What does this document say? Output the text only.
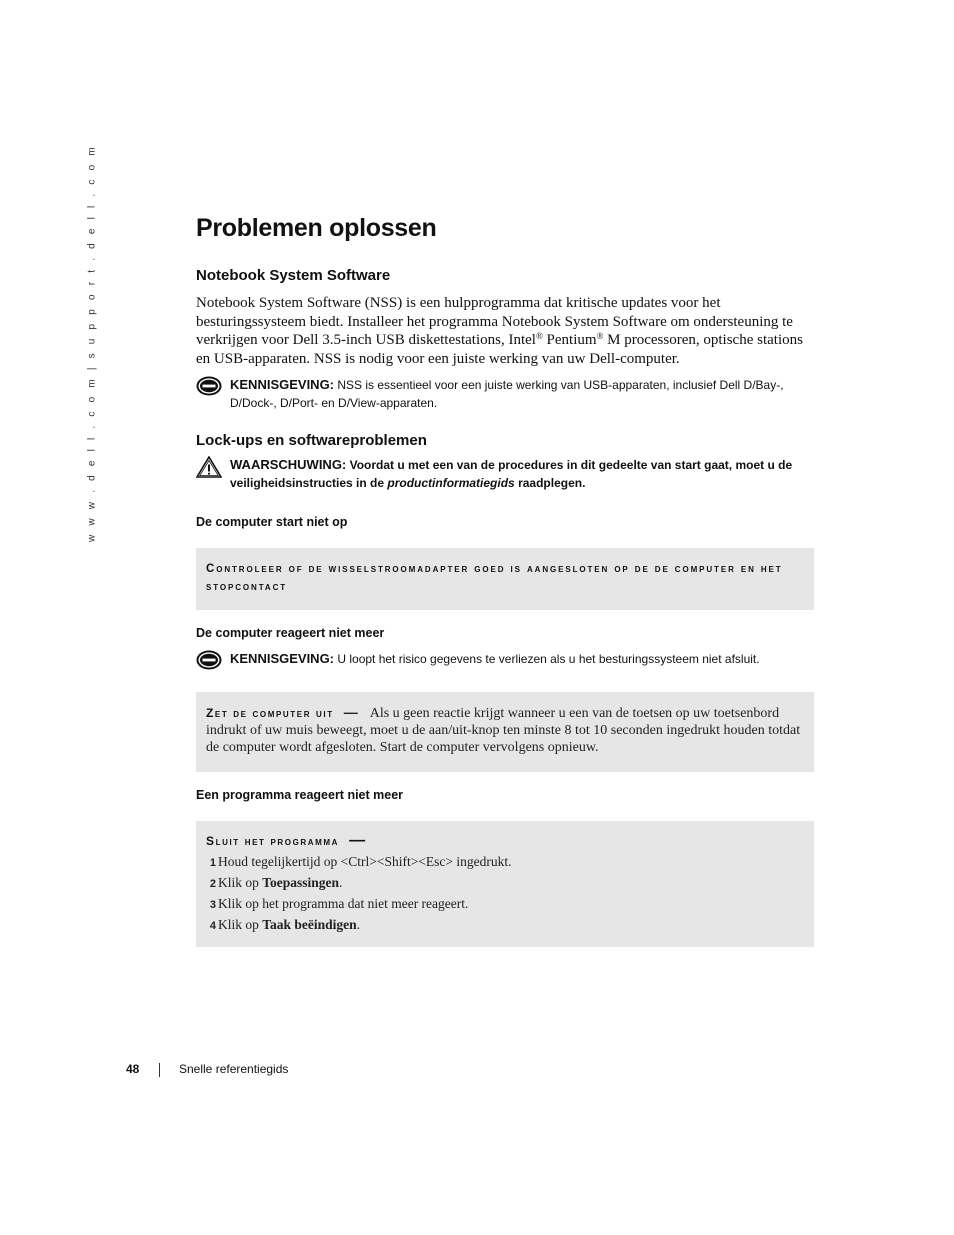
w w w . d e l l . c o m | s u p p o r t . d e l l . c o m	Problemen oplossen
Notebook System Software

Notebook System Software (NSS) is een hulpprogramma dat kritische updates voor het besturingssysteem biedt. Installeer het programma Notebook System Software om ondersteuning te verkrijgen voor Dell 3.5-inch USB diskettestations, Intel® Pentium® M processoren, optische stations en USB-apparaten. NSS is nodig voor een juiste werking van uw Dell-computer.

KENNISGEVING: NSS is essentieel voor een juiste werking van USB-apparaten, inclusief Dell D/Bay-, D/Dock-, D/Port- en D/View-apparaten.
Lock-ups en softwareproblemen
WAARSCHUWING: Voordat u met een van de procedures in dit gedeelte van start gaat, moet u de veiligheidsinstructies in de productinformatiegids raadplegen.
De computer start niet op
Controleer of de wisselstroomadapter goed is aangesloten op de de computer en het stopcontact
De computer reageert niet meer
KENNISGEVING: U loopt het risico gegevens te verliezen als u het besturingssysteem niet afsluit.
Zet de computer uit — Als u geen reactie krijgt wanneer u een van de toetsen op uw toetsenbord indrukt of uw muis beweegt, moet u de aan/uit-knop ten minste 8 tot 10 seconden ingedrukt houden totdat de computer wordt afgesloten. Start de computer vervolgens opnieuw.
Een programma reageert niet meer
Sluit het programma —
1 Houd tegelijkertijd op <Ctrl><Shift><Esc> ingedrukt.
2 Klik op Toepassingen.
3 Klik op het programma dat niet meer reageert.
4 Klik op Taak beëindigen.
48	Snelle referentiegids
